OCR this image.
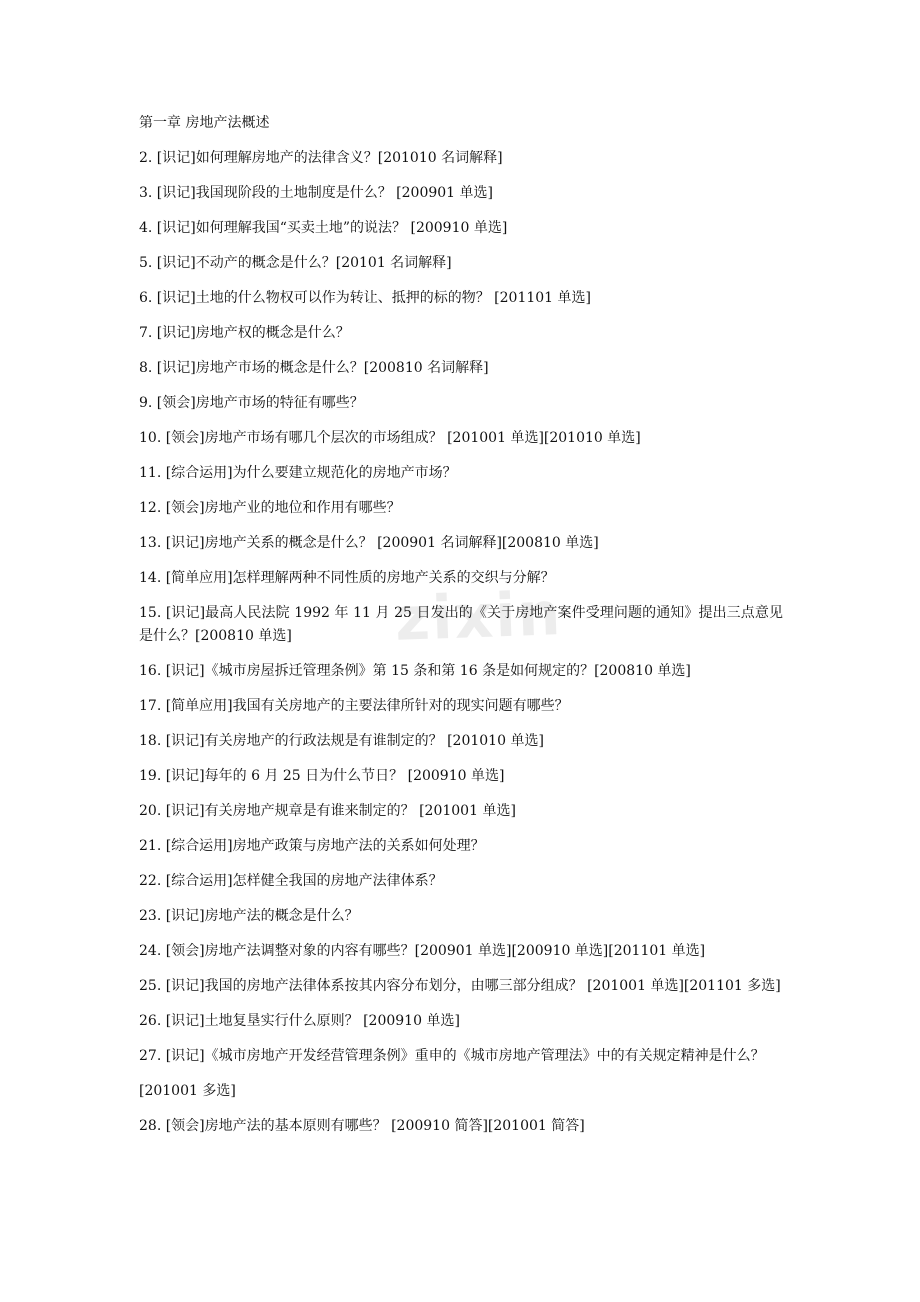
zixin
第一章 房地产法概述
2. [识记]如何理解房地产的法律含义？[201010 名词解释]
3. [识记]我国现阶段的土地制度是什么？ [200901 单选]
4. [识记]如何理解我国“买卖土地”的说法？ [200910 单选]
5. [识记]不动产的概念是什么？[20101 名词解释]
6. [识记]土地的什么物权可以作为转让、抵押的标的物？ [201101 单选]
7. [识记]房地产权的概念是什么？
8. [识记]房地产市场的概念是什么？[200810 名词解释]
9. [领会]房地产市场的特征有哪些？
10. [领会]房地产市场有哪几个层次的市场组成？ [201001 单选][201010 单选]
11. [综合运用]为什么要建立规范化的房地产市场？
12. [领会]房地产业的地位和作用有哪些？
13. [识记]房地产关系的概念是什么？ [200901 名词解释][200810 单选]
14. [简单应用]怎样理解两种不同性质的房地产关系的交织与分解？
15. [识记]最高人民法院 1992 年 11 月 25 日发出的《关于房地产案件受理问题的通知》提出三点意见是什么？[200810 单选]
16. [识记]《城市房屋拆迁管理条例》第 15 条和第 16 条是如何规定的？[200810 单选]
17. [简单应用]我国有关房地产的主要法律所针对的现实问题有哪些？
18. [识记]有关房地产的行政法规是有谁制定的？ [201010 单选]
19. [识记]每年的 6 月 25 日为什么节日？ [200910 单选]
20. [识记]有关房地产规章是有谁来制定的？ [201001 单选]
21. [综合运用]房地产政策与房地产法的关系如何处理？
22. [综合运用]怎样健全我国的房地产法律体系？
23. [识记]房地产法的概念是什么？
24. [领会]房地产法调整对象的内容有哪些？[200901 单选][200910 单选][201101 单选]
25. [识记]我国的房地产法律体系按其内容分布划分，由哪三部分组成？ [201001 单选][201101 多选]
26. [识记]土地复垦实行什么原则？ [200910 单选]
27. [识记]《城市房地产开发经营管理条例》重申的《城市房地产管理法》中的有关规定精神是什么？
[201001 多选]
28. [领会]房地产法的基本原则有哪些？ [200910 简答][201001 简答]
